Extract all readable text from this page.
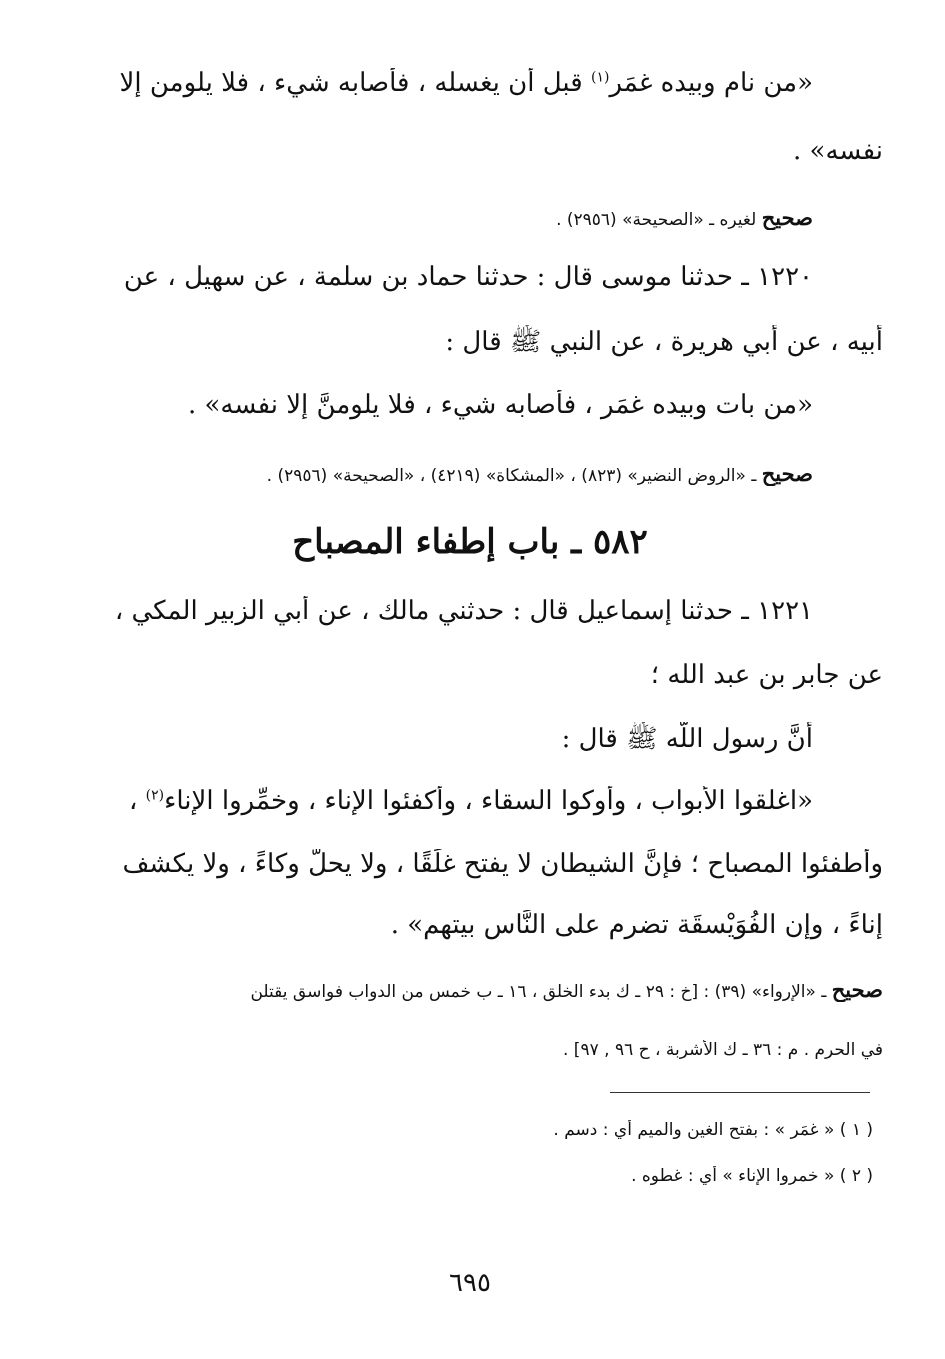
«من نام وبيده غمَر$^{(١)}$ قبل أن يغسله ، فأصابه شيء ، فلا يلومن إلا
نفسه» .
صحيح لغيره ـ «الصحيحة» (٢٩٥٦) .
١٢٢٠ ـ حدثنا موسى قال : حدثنا حماد بن سلمة ، عن سهيل ، عن
أبيه ، عن أبي هريرة ، عن النبي ﷺ قال :
«من بات وبيده غمَر ، فأصابه شيء ، فلا يلومنَّ إلا نفسه» .
صحيح ـ «الروض النضير» (٨٢٣) ، «المشكاة» (٤٢١٩) ، «الصحيحة» (٢٩٥٦) .
٥٨٢ ـ باب إطفاء المصباح
١٢٢١ ـ حدثنا إسماعيل قال : حدثني مالك ، عن أبي الزبير المكي ،
عن جابر بن عبد الله ؛
أنَّ رسول اللَّه ﷺ قال :
«اغلقوا الأبواب ، وأوكوا السقاء ، وأكفئوا الإناء ، وخمِّروا الإناء$^{(٢)}$ ،
وأطفئوا المصباح ؛ فإنَّ الشيطان لا يفتح غلَقًا ، ولا يحلُّ وكاءً ، ولا يكشف
إناءً ، وإن الفُوَيْسقَة تضرم على النَّاس بيتهم» .
صحيح ـ «الإرواء» (٣٩) : [خ : ٢٩ ـ ك بدء الخلق ، ١٦ ـ ب خمس من الدواب فواسق يقتلن
في الحرم . م : ٣٦ ـ ك الأشربة ، ح ٩٦ , ٩٧] .
( ١ ) « غمَر » : بفتح الغين والميم أي : دسم .
( ٢ ) « خمروا الإناء » أي : غطوه .
٦٩٥
